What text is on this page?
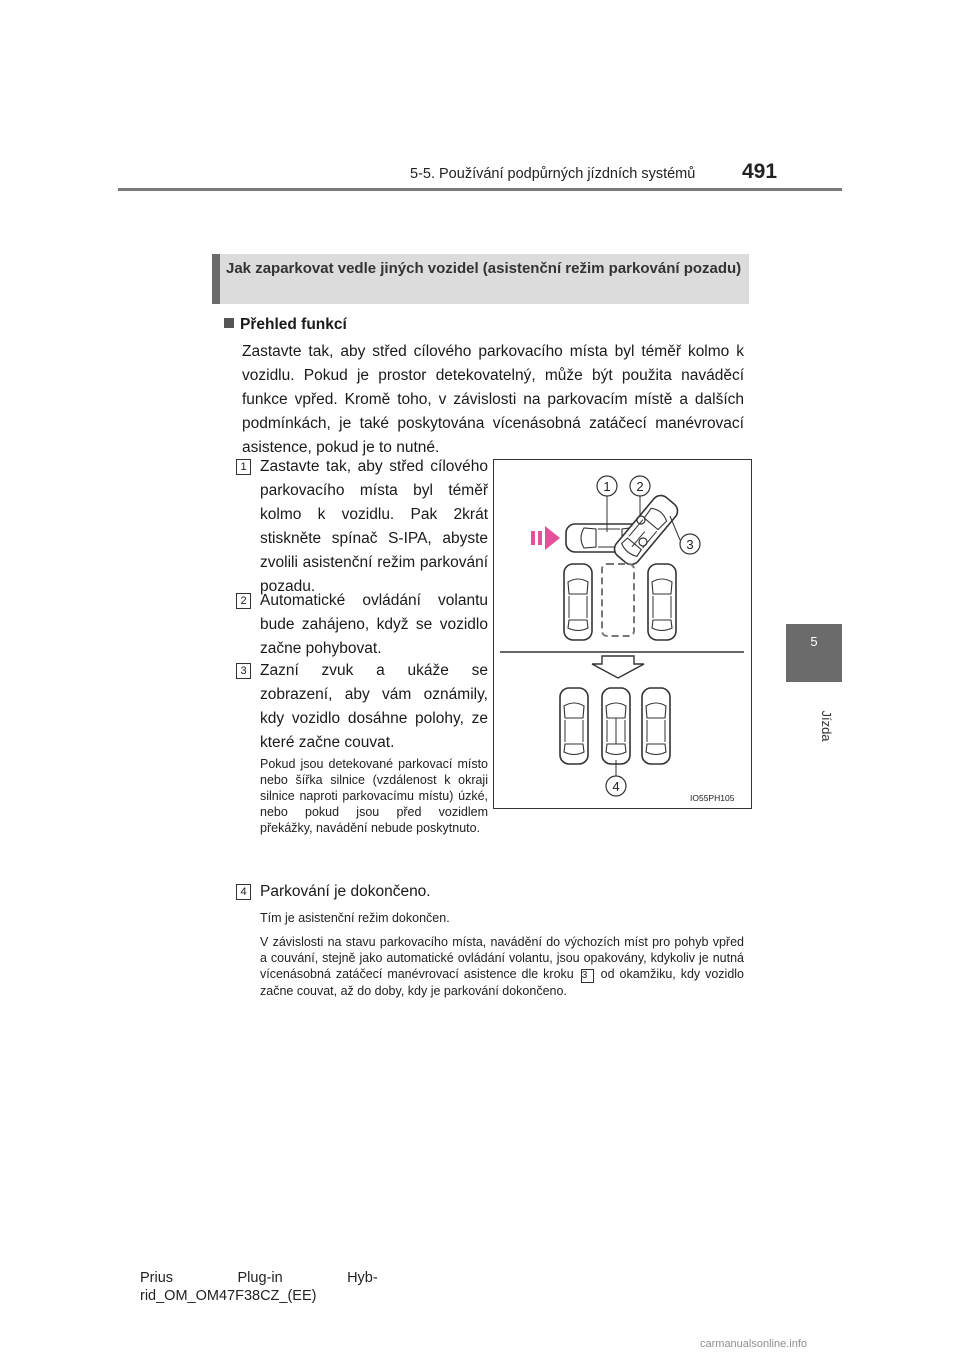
5-5. Používání podpůrných jízdních systémů 491
5
Jízda
Jak zaparkovat vedle jiných vozidel (asistenční režim parkování pozadu)
Přehled funkcí
Zastavte tak, aby střed cílového parkovacího místa byl téměř kolmo k vozidlu. Pokud je prostor detekovatelný, může být použita naváděcí funkce vpřed. Kromě toho, v závislosti na parkovacím místě a dalších podmínkách, je také poskytována vícenásobná zatáčecí manévrovací asistence, pokud je to nutné.
1 Zastavte tak, aby střed cílového parkovacího místa byl téměř kolmo k vozidlu. Pak 2krát stiskněte spínač S-IPA, abyste zvolili asistenční režim parkování pozadu.
2 Automatické ovládání volantu bude zahájeno, když se vozidlo začne pohybovat.
3 Zazní zvuk a ukáže se zobrazení, aby vám oznámily, kdy vozidlo dosáhne polohy, ze které začne couvat.
Pokud jsou detekované parkovací místo nebo šířka silnice (vzdálenost k okraji silnice naproti parkovacímu místu) úzké, nebo pokud jsou před vozidlem překážky, navádění nebude poskytnuto.
4 Parkování je dokončeno.
Tím je asistenční režim dokončen.
V závislosti na stavu parkovacího místa, navádění do výchozích míst pro pohyb vpřed a couvání, stejně jako automatické ovládání volantu, jsou opakovány, kdykoliv je nutná vícenásobná zatáčecí manévrovací asistence dle kroku 3 od okamžiku, kdy vozidlo začne couvat, až do doby, kdy je parkování dokončeno.
1 2
3
4
IO55PH105
Prius                Plug-in                Hyb-
rid_OM_OM47F38CZ_(EE)
carmanualsonline.info
